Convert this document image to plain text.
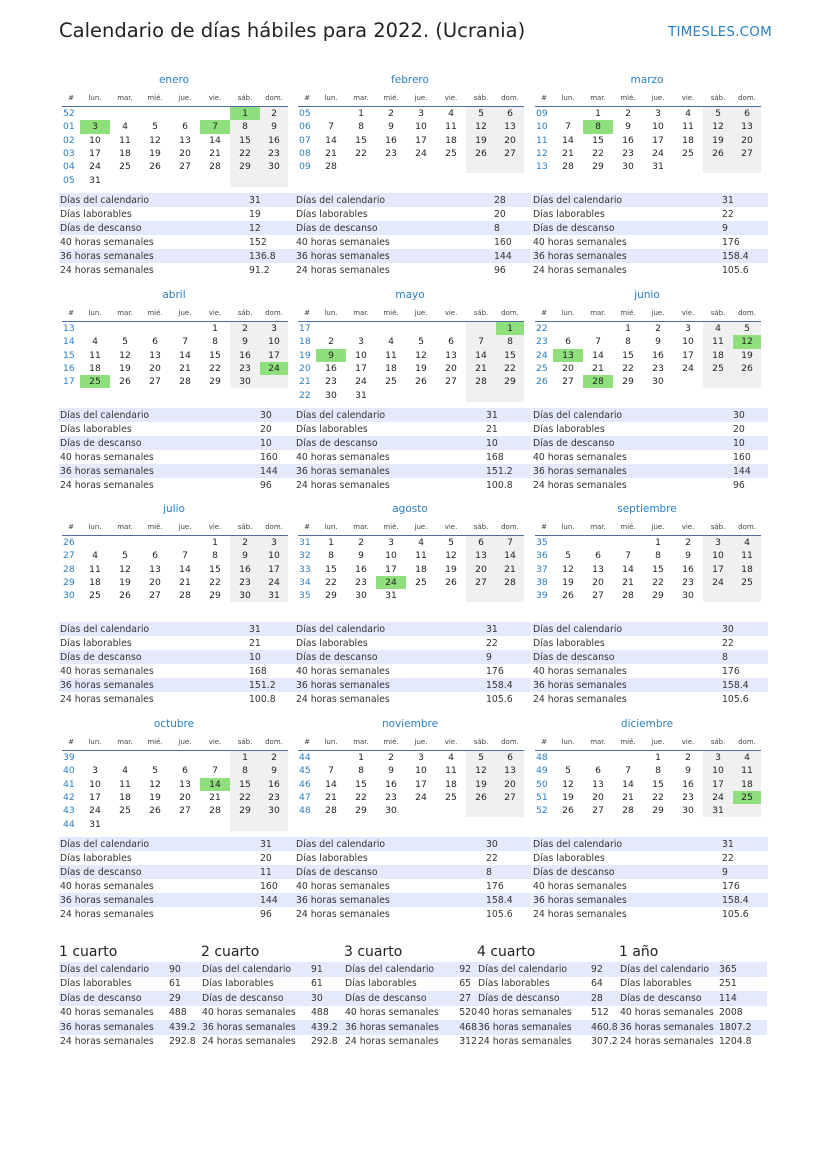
Calendario de días hábiles para 2022. (Ucrania)	TIMESLES.COM
enero
#	lun.	mar.	mié.	jue.	vie.	sáb.	dom.
52						1	2
01	3	4	5	6	7	8	9
02	10	11	12	13	14	15	16
03	17	18	19	20	21	22	23
04	24	25	26	27	28	29	30
05	31						
Días del calendario	31
Días laborables	19
Días de descanso	12
40 horas semanales	152
36 horas semanales	136.8
24 horas semanales	91.2
febrero
#	lun.	mar.	mié.	jue.	vie.	sáb.	dom.
05		1	2	3	4	5	6
06	7	8	9	10	11	12	13
07	14	15	16	17	18	19	20
08	21	22	23	24	25	26	27
09	28						
Días del calendario	28
Días laborables	20
Días de descanso	8
40 horas semanales	160
36 horas semanales	144
24 horas semanales	96
marzo
#	lun.	mar.	mié.	jue.	vie.	sáb.	dom.
09		1	2	3	4	5	6
10	7	8	9	10	11	12	13
11	14	15	16	17	18	19	20
12	21	22	23	24	25	26	27
13	28	29	30	31			
Días del calendario	31
Días laborables	22
Días de descanso	9
40 horas semanales	176
36 horas semanales	158.4
24 horas semanales	105.6
abril
#	lun.	mar.	mié.	jue.	vie.	sáb.	dom.
13					1	2	3
14	4	5	6	7	8	9	10
15	11	12	13	14	15	16	17
16	18	19	20	21	22	23	24
17	25	26	27	28	29	30	
Días del calendario	30
Días laborables	20
Días de descanso	10
40 horas semanales	160
36 horas semanales	144
24 horas semanales	96
mayo
#	lun.	mar.	mié.	jue.	vie.	sáb.	dom.
17							1
18	2	3	4	5	6	7	8
19	9	10	11	12	13	14	15
20	16	17	18	19	20	21	22
21	23	24	25	26	27	28	29
22	30	31					
Días del calendario	31
Días laborables	21
Días de descanso	10
40 horas semanales	168
36 horas semanales	151.2
24 horas semanales	100.8
junio
#	lun.	mar.	mié.	jue.	vie.	sáb.	dom.
22			1	2	3	4	5
23	6	7	8	9	10	11	12
24	13	14	15	16	17	18	19
25	20	21	22	23	24	25	26
26	27	28	29	30			
Días del calendario	30
Días laborables	20
Días de descanso	10
40 horas semanales	160
36 horas semanales	144
24 horas semanales	96
julio
#	lun.	mar.	mié.	jue.	vie.	sáb.	dom.
26					1	2	3
27	4	5	6	7	8	9	10
28	11	12	13	14	15	16	17
29	18	19	20	21	22	23	24
30	25	26	27	28	29	30	31
Días del calendario	31
Días laborables	21
Días de descanso	10
40 horas semanales	168
36 horas semanales	151.2
24 horas semanales	100.8
agosto
#	lun.	mar.	mié.	jue.	vie.	sáb.	dom.
31	1	2	3	4	5	6	7
32	8	9	10	11	12	13	14
33	15	16	17	18	19	20	21
34	22	23	24	25	26	27	28
35	29	30	31				
Días del calendario	31
Días laborables	22
Días de descanso	9
40 horas semanales	176
36 horas semanales	158.4
24 horas semanales	105.6
septiembre
#	lun.	mar.	mié.	jue.	vie.	sáb.	dom.
35				1	2	3	4
36	5	6	7	8	9	10	11
37	12	13	14	15	16	17	18
38	19	20	21	22	23	24	25
39	26	27	28	29	30		
Días del calendario	30
Días laborables	22
Días de descanso	8
40 horas semanales	176
36 horas semanales	158.4
24 horas semanales	105.6
octubre
#	lun.	mar.	mié.	jue.	vie.	sáb.	dom.
39						1	2
40	3	4	5	6	7	8	9
41	10	11	12	13	14	15	16
42	17	18	19	20	21	22	23
43	24	25	26	27	28	29	30
44	31						
Días del calendario	31
Días laborables	20
Días de descanso	11
40 horas semanales	160
36 horas semanales	144
24 horas semanales	96
noviembre
#	lun.	mar.	mié.	jue.	vie.	sáb.	dom.
44		1	2	3	4	5	6
45	7	8	9	10	11	12	13
46	14	15	16	17	18	19	20
47	21	22	23	24	25	26	27
48	28	29	30				
Días del calendario	30
Días laborables	22
Días de descanso	8
40 horas semanales	176
36 horas semanales	158.4
24 horas semanales	105.6
diciembre
#	lun.	mar.	mié.	jue.	vie.	sáb.	dom.
48				1	2	3	4
49	5	6	7	8	9	10	11
50	12	13	14	15	16	17	18
51	19	20	21	22	23	24	25
52	26	27	28	29	30	31	
Días del calendario	31
Días laborables	22
Días de descanso	9
40 horas semanales	176
36 horas semanales	158.4
24 horas semanales	105.6
1 cuarto
Días del calendario	90
Días laborables	61
Días de descanso	29
40 horas semanales	488
36 horas semanales	439.2
24 horas semanales	292.8
2 cuarto
Días del calendario	91
Días laborables	61
Días de descanso	30
40 horas semanales	488
36 horas semanales	439.2
24 horas semanales	292.8
3 cuarto
Días del calendario	92
Días laborables	65
Días de descanso	27
40 horas semanales	520
36 horas semanales	468
24 horas semanales	312
4 cuarto
Días del calendario	92
Días laborables	64
Días de descanso	28
40 horas semanales	512
36 horas semanales	460.8
24 horas semanales	307.2
1 año
Días del calendario	365
Días laborables	251
Días de descanso	114
40 horas semanales	2008
36 horas semanales	1807.2
24 horas semanales	1204.8
